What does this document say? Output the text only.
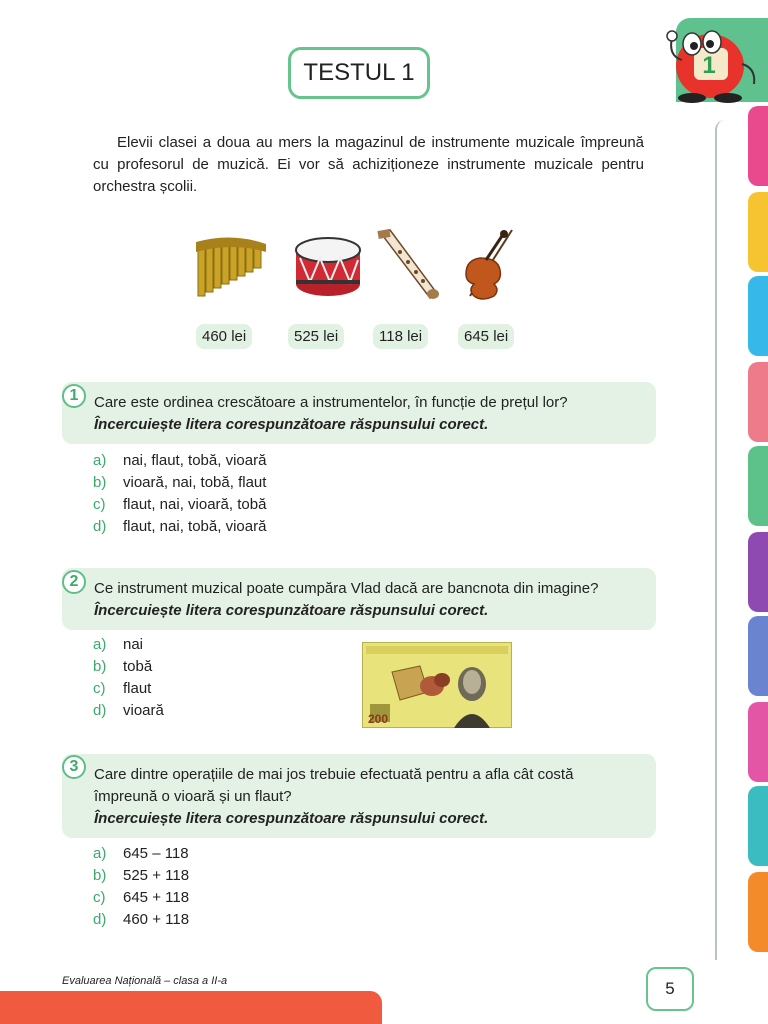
1
TESTUL 1

Elevii clasei a doua au mers la magazinul de instrumente muzicale împreună cu profesorul de muzică. Ei vor să achiziționeze instrumente muzicale pentru orchestra școlii.

460 lei	525 lei	118 lei	645 lei
Care este ordinea crescătoare a instrumentelor, în funcție de prețul lor?
Încercuiește litera corespunzătoare răspunsului corect.
1
a) nai, flaut, tobă, vioară
b) vioară, nai, tobă, flaut
c) flaut, nai, vioară, tobă
d) flaut, nai, tobă, vioară
Ce instrument muzical poate cumpăra Vlad dacă are bancnota din imagine?
Încercuiește litera corespunzătoare răspunsului corect.
2
a) nai
b) tobă
c) flaut
d) vioară	200
Care dintre operațiile de mai jos trebuie efectuată pentru a afla cât costă
împreună o vioară și un flaut?
Încercuiește litera corespunzătoare răspunsului corect.
3
a) 645 – 118
b) 525 + 118
c) 645 + 118
d) 460 + 118
Evaluarea Națională – clasa a II-a	5
